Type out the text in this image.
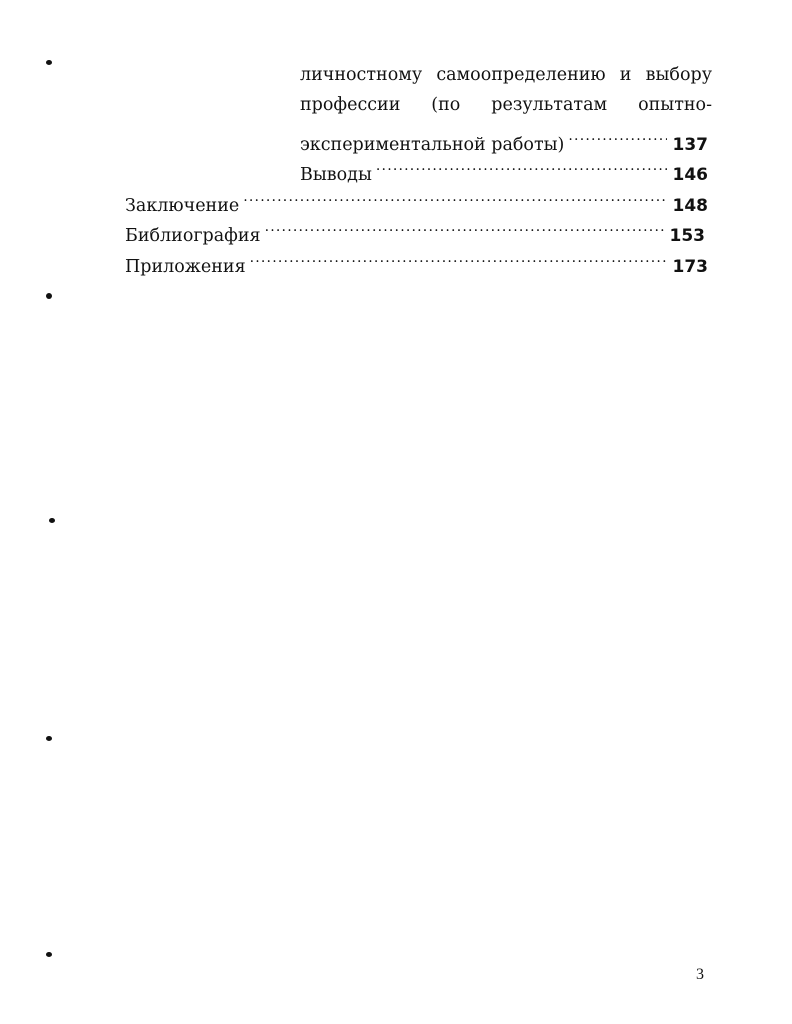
личностному самоопределению и выбору
профессии (по результатам опытно-
экспериментальной работы) .....	137
Выводы .....	146
Заключение .....	148
Библиография .....	153
Приложения .....	173
3
